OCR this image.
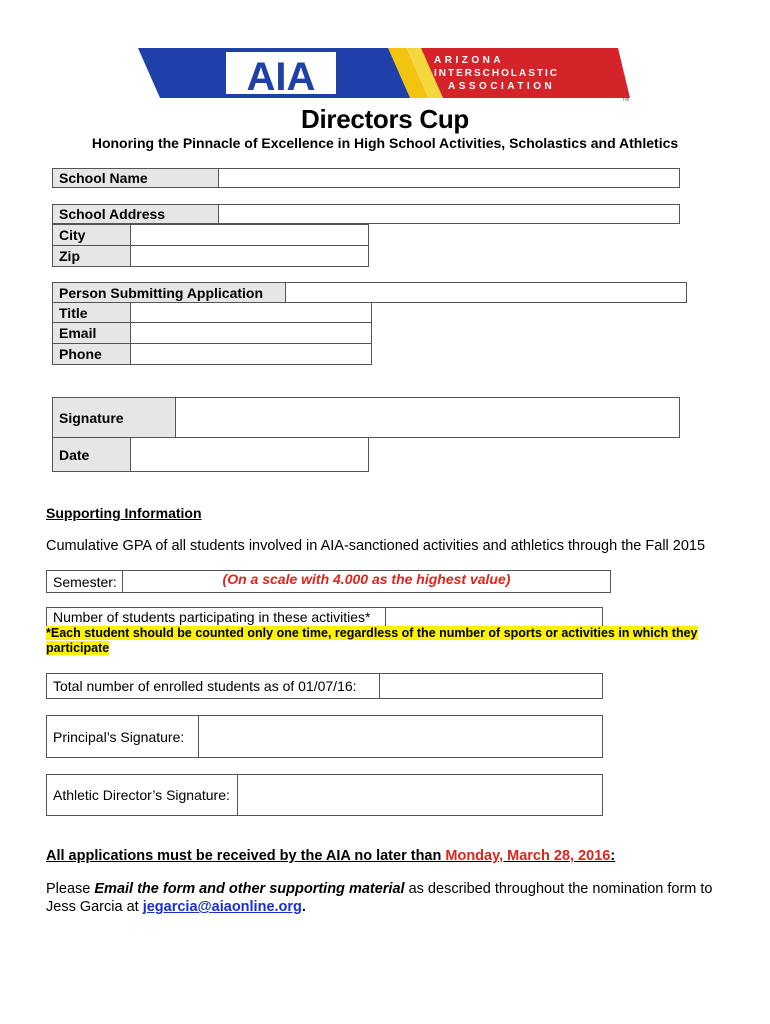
AIA	ARIZONA
INTERSCHOLASTIC
ASSOCIATION
TM
Directors Cup
Honoring the Pinnacle of Excellence in High School Activities, Scholastics and Athletics
School Name	
School Address	
City	
Zip	
Person Submitting Application	
Title	
Email	
Phone	
Signature	
Date	
Supporting Information
Cumulative GPA of all students involved in AIA-sanctioned activities and athletics through the Fall 2015
Semester:	(On a scale with 4.000 as the highest value)
Number of students participating in these activities*	
*Each student should be counted only one time, regardless of the number of sports or activities in which they participate
Total number of enrolled students as of 01/07/16:	
Principal’s Signature:	
Athletic Director’s Signature:	
All applications must be received by the AIA no later than Monday, March 28, 2016:
Please Email the form and other supporting material as described throughout the nomination form to Jess Garcia at jegarcia@aiaonline.org.
